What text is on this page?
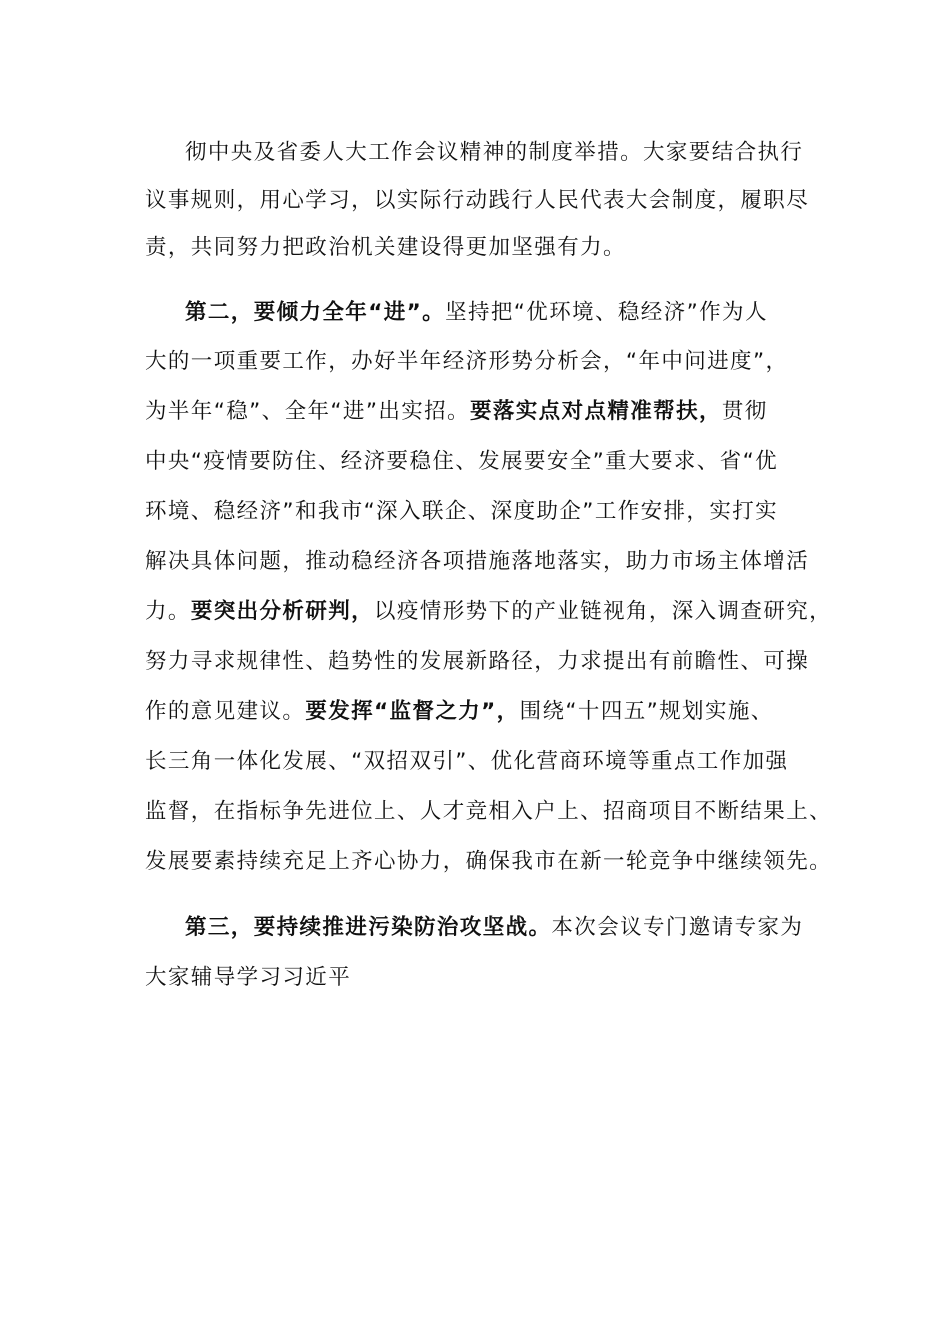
彻中央及省委人大工作会议精神的制度举措。大家要结合执行
议事规则，用心学习，以实际行动践行人民代表大会制度，履职尽
责，共同努力把政治机关建设得更加坚强有力。
第二，要倾力全年“进”。坚持把“优环境、稳经济”作为人
大的一项重要工作，办好半年经济形势分析会，“年中问进度”，
为半年“稳”、全年“进”出实招。要落实点对点精准帮扶，贯彻
中央“疫情要防住、经济要稳住、发展要安全”重大要求、省“优
环境、稳经济”和我市“深入联企、深度助企”工作安排，实打实
解决具体问题，推动稳经济各项措施落地落实，助力市场主体增活
力。要突出分析研判，以疫情形势下的产业链视角，深入调查研究，
努力寻求规律性、趋势性的发展新路径，力求提出有前瞻性、可操
作的意见建议。要发挥“监督之力”，围绕“十四五”规划实施、
长三角一体化发展、“双招双引”、优化营商环境等重点工作加强
监督，在指标争先进位上、人才竞相入户上、招商项目不断结果上、
发展要素持续充足上齐心协力，确保我市在新一轮竞争中继续领先。
第三，要持续推进污染防治攻坚战。本次会议专门邀请专家为
大家辅导学习习近平
